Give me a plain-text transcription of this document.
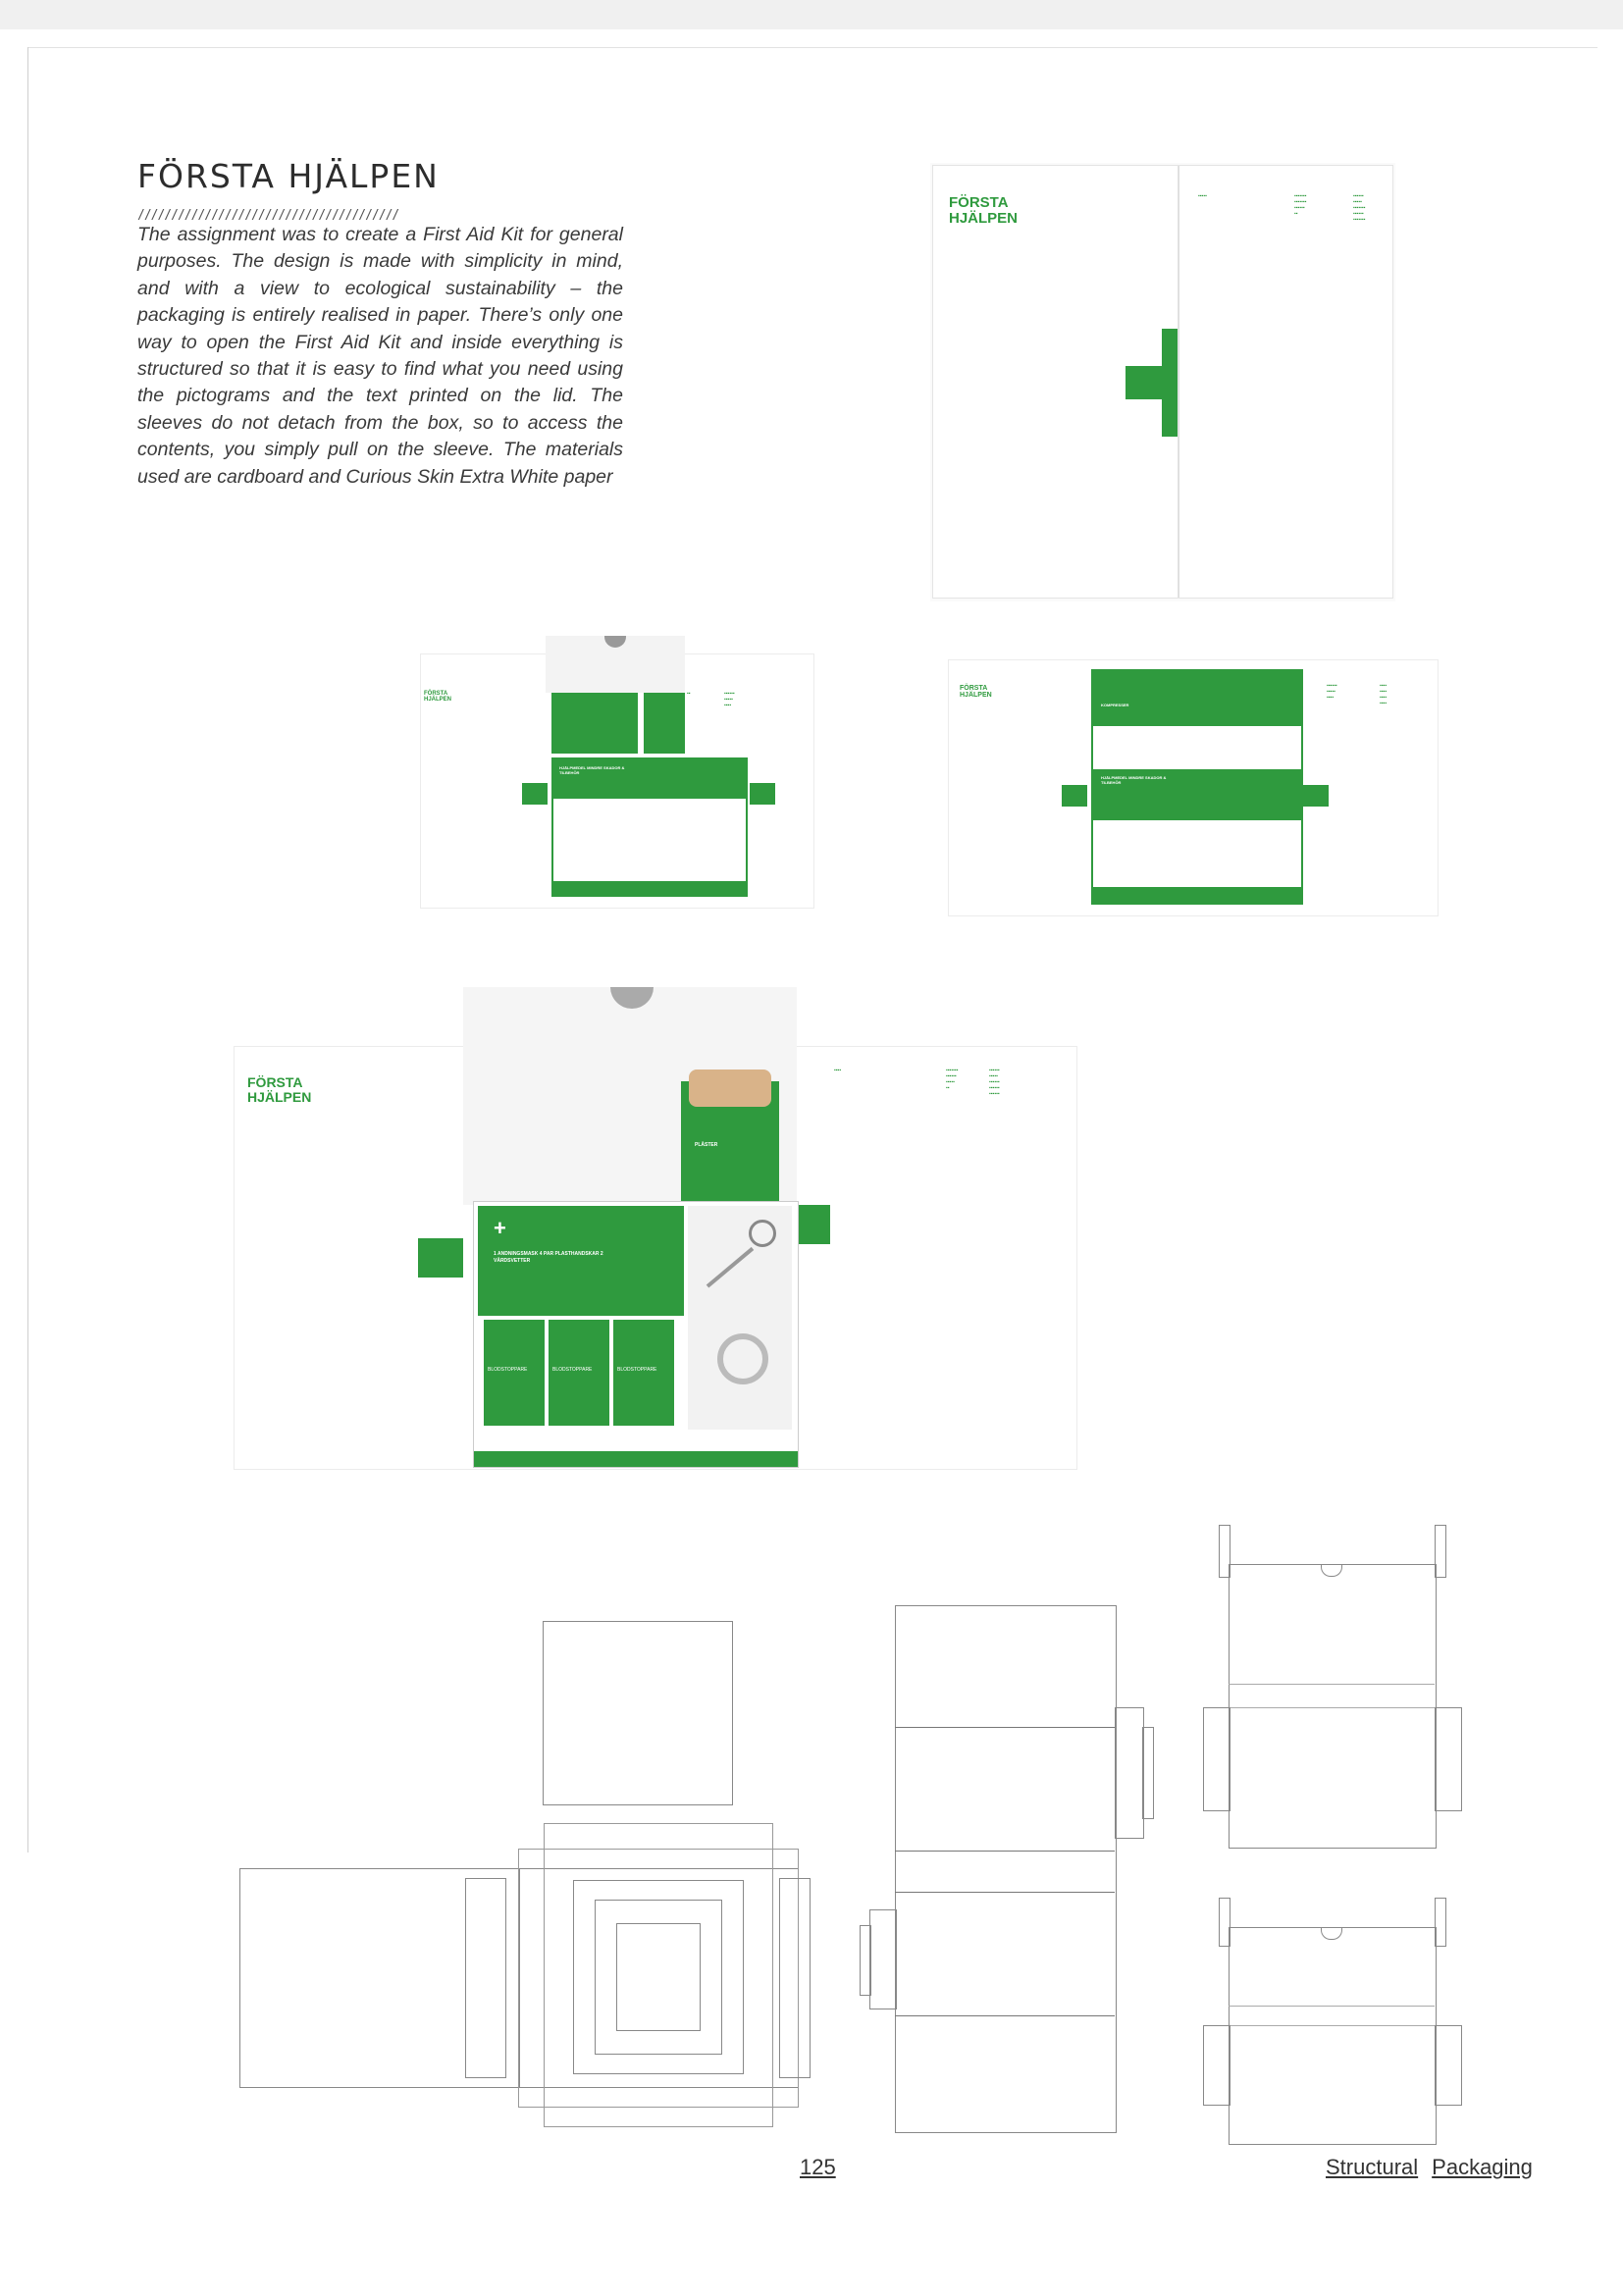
FÖRSTA HJÄLPEN
///////////////////////////////////////
The assignment was to create a First Aid Kit for general purposes. The design is made with simplicity in mind, and with a view to ecological sustainability – the packaging is entirely realised in paper. There’s only one way to open the First Aid Kit and inside everything is structured so that it is easy to find what you need using the pictograms and the text printed on the lid. The sleeves do not detach from the box, so to access the contents, you simply pull on the sleeve. The materials used are cardboard and Curious Skin Extra White paper
FÖRSTA
HJÄLPEN
▪▪▪▪▪	▪▪▪▪▪▪▪
▪▪▪▪▪▪▪
▪▪▪▪▪▪
▪▪
▪▪▪▪▪▪
▪▪▪▪▪
▪▪▪▪▪▪▪
▪▪▪▪▪▪
▪▪▪▪▪▪▪
FÖRSTA
HJÄLPEN
HJÄLPMEDEL MINDRE SKADOR & TILBEHÖR
▪▪	▪▪▪▪▪▪
▪▪▪▪▪
▪▪▪▪
FÖRSTA
HJÄLPEN
KOMPRESSER
HJÄLPMEDEL MINDRE SKADOR & TILBEHÖR
▪▪▪▪▪▪
▪▪▪▪▪
▪▪▪▪
▪▪▪▪
▪▪▪▪
▪▪▪▪
▪▪▪▪
FÖRSTA
HJÄLPEN
PLÅSTER
+
1 ANDNINGSMASK 4 PAR PLASTHANDSKAR 2 VÅRDSVETTER
BLODSTOPPARE	BLODSTOPPARE	BLODSTOPPARE
▪▪▪▪	▪▪▪▪▪▪▪
▪▪▪▪▪▪
▪▪▪▪▪
▪▪
▪▪▪▪▪▪
▪▪▪▪▪
▪▪▪▪▪▪
▪▪▪▪▪▪
▪▪▪▪▪▪
125	Structural Packaging
